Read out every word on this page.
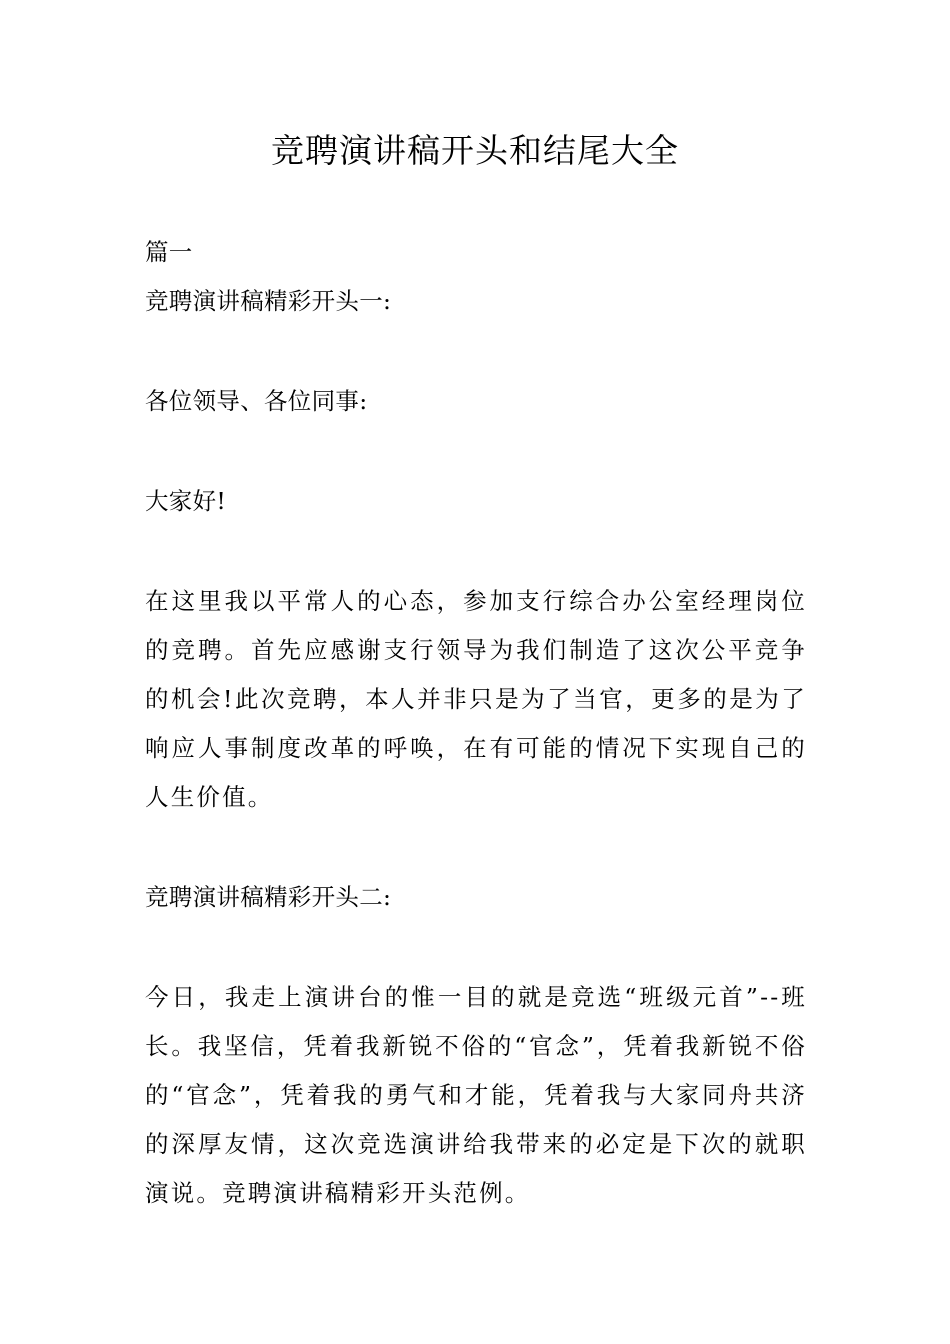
竞聘演讲稿开头和结尾大全

篇一

竞聘演讲稿精彩开头一:

各位领导、各位同事:

大家好!

在这里我以平常人的心态，参加支行综合办公室经理岗位的竞聘。首先应感谢支行领导为我们制造了这次公平竞争的机会!此次竞聘，本人并非只是为了当官，更多的是为了响应人事制度改革的呼唤，在有可能的情况下实现自己的人生价值。

竞聘演讲稿精彩开头二:

今日，我走上演讲台的惟一目的就是竞选“班级元首”--班长。我坚信，凭着我新锐不俗的“官念”，凭着我新锐不俗的“官念”，凭着我的勇气和才能，凭着我与大家同舟共济的深厚友情，这次竞选演讲给我带来的必定是下次的就职演说。竞聘演讲稿精彩开头范例。
